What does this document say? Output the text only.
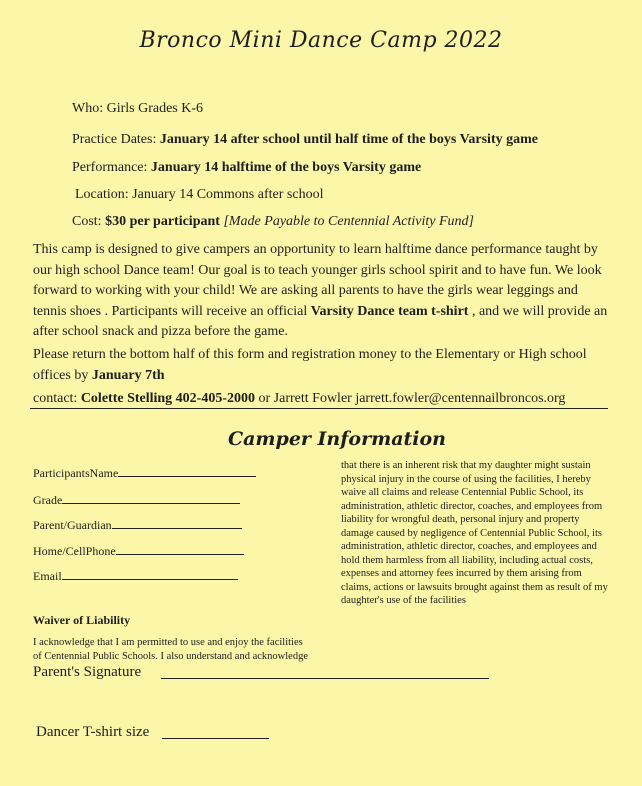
Bronco Mini Dance Camp 2022
Who: Girls Grades K-6
Practice Dates: January 14 after school until half time of the boys Varsity game
Performance: January 14 halftime of the boys Varsity game
Location: January 14 Commons after school
Cost: $30 per participant [Made Payable to Centennial Activity Fund]
This camp is designed to give campers an opportunity to learn halftime dance performance taught by our high school Dance team! Our goal is to teach younger girls school spirit and to have fun. We look forward to working with your child! We are asking all parents to have the girls wear leggings and tennis shoes . Participants will receive an official Varsity Dance team t-shirt , and we will provide an after school snack and pizza before the game.
Please return the bottom half of this form and registration money to the Elementary or High school offices by January 7th
contact: Colette Stelling 402-405-2000 or Jarrett Fowler jarrett.fowler@centennailbroncos.org
Camper Information
ParticipantsName
Grade
Parent/Guardian
Home/CellPhone
Email
that there is an inherent risk that my daughter might sustain physical injury in the course of using the facilities, I hereby waive all claims and release Centennial Public School, its administration, athletic director, coaches, and employees from liability for wrongful death, personal injury and property damage caused by negligence of Centennial Public School, its administration, athletic director, coaches, and employees and hold them harmless from all liability, including actual costs, expenses and attorney fees incurred by them arising from claims, actions or lawsuits brought against them as result of my daughter's use of the facilities
Waiver of Liability
I acknowledge that I am permitted to use and enjoy the facilities of Centennial Public Schools. I also understand and acknowledge
Parent's Signature
Dancer T-shirt size
